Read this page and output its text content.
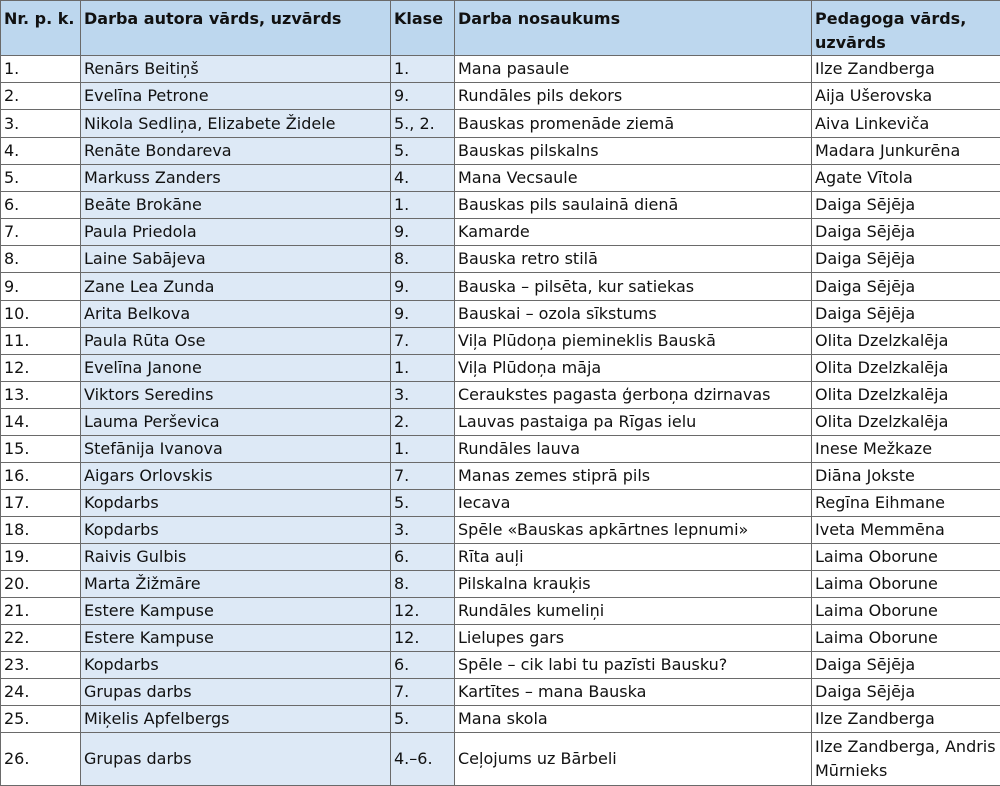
Nr. p. k.	Darba autora vārds, uzvārds	Klase	Darba nosaukums	Pedagoga vārds, uzvārds
1.	Renārs Beitiņš	1.	Mana pasaule	Ilze Zandberga
2.	Evelīna Petrone	9.	Rundāles pils dekors	Aija Ušerovska
3.	Nikola Sedliņa, Elizabete Židele	5., 2.	Bauskas promenāde ziemā	Aiva Linkeviča
4.	Renāte Bondareva	5.	Bauskas pilskalns	Madara Junkurēna
5.	Markuss Zanders	4.	Mana Vecsaule	Agate Vītola
6.	Beāte Brokāne	1.	Bauskas pils saulainā dienā	Daiga Sējēja
7.	Paula Priedola	9.	Kamarde	Daiga Sējēja
8.	Laine Sabājeva	8.	Bauska retro stilā	Daiga Sējēja
9.	Zane Lea Zunda	9.	Bauska – pilsēta, kur satiekas	Daiga Sējēja
10.	Arita Belkova	9.	Bauskai – ozola sīkstums	Daiga Sējēja
11.	Paula Rūta Ose	7.	Viļa Plūdoņa piemineklis Bauskā	Olita Dzelzkalēja
12.	Evelīna Janone	1.	Viļa Plūdoņa māja	Olita Dzelzkalēja
13.	Viktors Seredins	3.	Ceraukstes pagasta ģerboņa dzirnavas	Olita Dzelzkalēja
14.	Lauma Perševica	2.	Lauvas pastaiga pa Rīgas ielu	Olita Dzelzkalēja
15.	Stefānija Ivanova	1.	Rundāles lauva	Inese Mežkaze
16.	Aigars Orlovskis	7.	Manas zemes stiprā pils	Diāna Jokste
17.	Kopdarbs	5.	Iecava	Regīna Eihmane
18.	Kopdarbs	3.	Spēle «Bauskas apkārtnes lepnumi»	Iveta Memmēna
19.	Raivis Gulbis	6.	Rīta auļi	Laima Oborune
20.	Marta Žižmāre	8.	Pilskalna krauķis	Laima Oborune
21.	Estere Kampuse	12.	Rundāles kumeliņi	Laima Oborune
22.	Estere Kampuse	12.	Lielupes gars	Laima Oborune
23.	Kopdarbs	6.	Spēle – cik labi tu pazīsti Bausku?	Daiga Sējēja
24.	Grupas darbs	7.	Kartītes – mana Bauska	Daiga Sējēja
25.	Miķelis Apfelbergs	5.	Mana skola	Ilze Zandberga
26.	Grupas darbs	4.–6.	Ceļojums uz Bārbeli	Ilze Zandberga, Andris Mūrnieks
